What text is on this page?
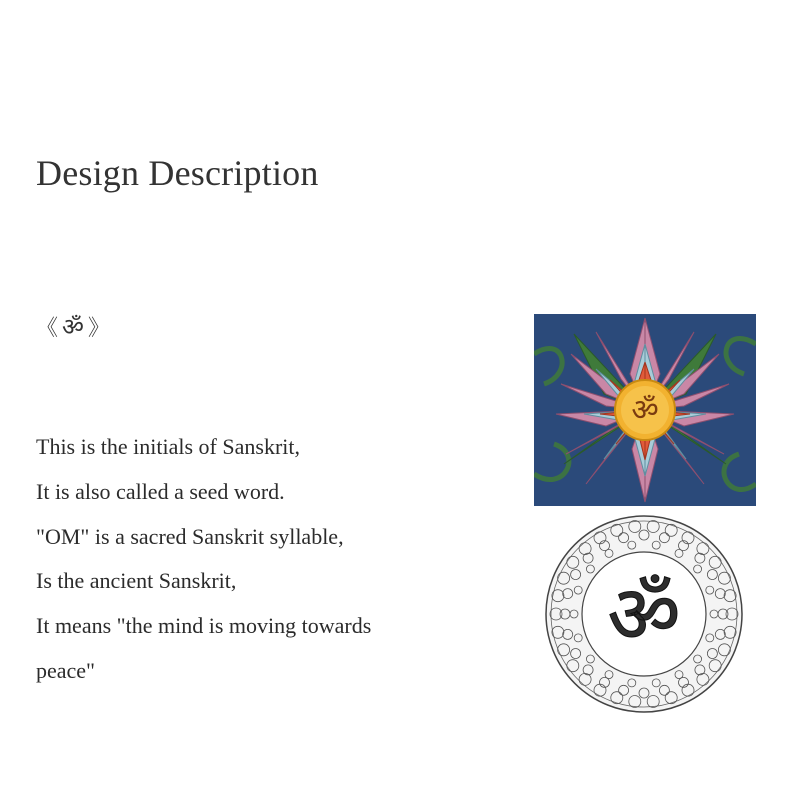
Design Description
《 ॐ 》
This is the initials of Sanskrit,
It is also called a seed word.
"OM" is a sacred Sanskrit syllable,
Is the ancient Sanskrit,
It means "the mind is moving towards
peace"
ॐ
ॐ
